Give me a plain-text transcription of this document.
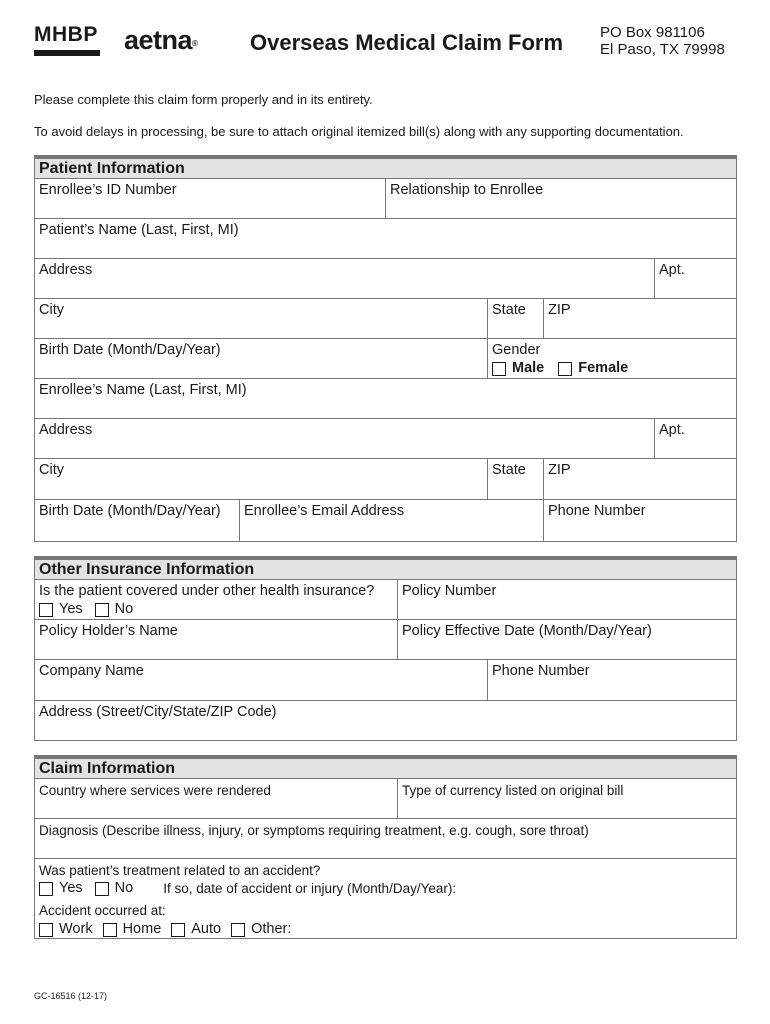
MHBP aetna® Overseas Medical Claim Form PO Box 981106
El Paso, TX 79998
Please complete this claim form properly and in its entirety.
To avoid delays in processing, be sure to attach original itemized bill(s) along with any supporting documentation.
Patient Information
Enrollee’s ID Number	Relationship to Enrollee
Patient’s Name (Last, First, MI)
Address	Apt.
City	State ZIP
Birth Date (Month/Day/Year)	Gender
Male Female
Enrollee’s Name (Last, First, MI)
Address	Apt.
City	State ZIP
Birth Date (Month/Day/Year) Enrollee’s Email Address	Phone Number
Other Insurance Information
Is the patient covered under other health insurance?
Yes No
Policy Number
Policy Holder’s Name	Policy Effective Date (Month/Day/Year)
Company Name	Phone Number
Address (Street/City/State/ZIP Code)
Claim Information
Country where services were rendered	Type of currency listed on original bill
Diagnosis (Describe illness, injury, or symptoms requiring treatment, e.g. cough, sore throat)
Was patient’s treatment related to an accident?
Yes No If so, date of accident or injury (Month/Day/Year):
Accident occurred at:
Work Home Auto Other:
GC-16516 (12-17)
